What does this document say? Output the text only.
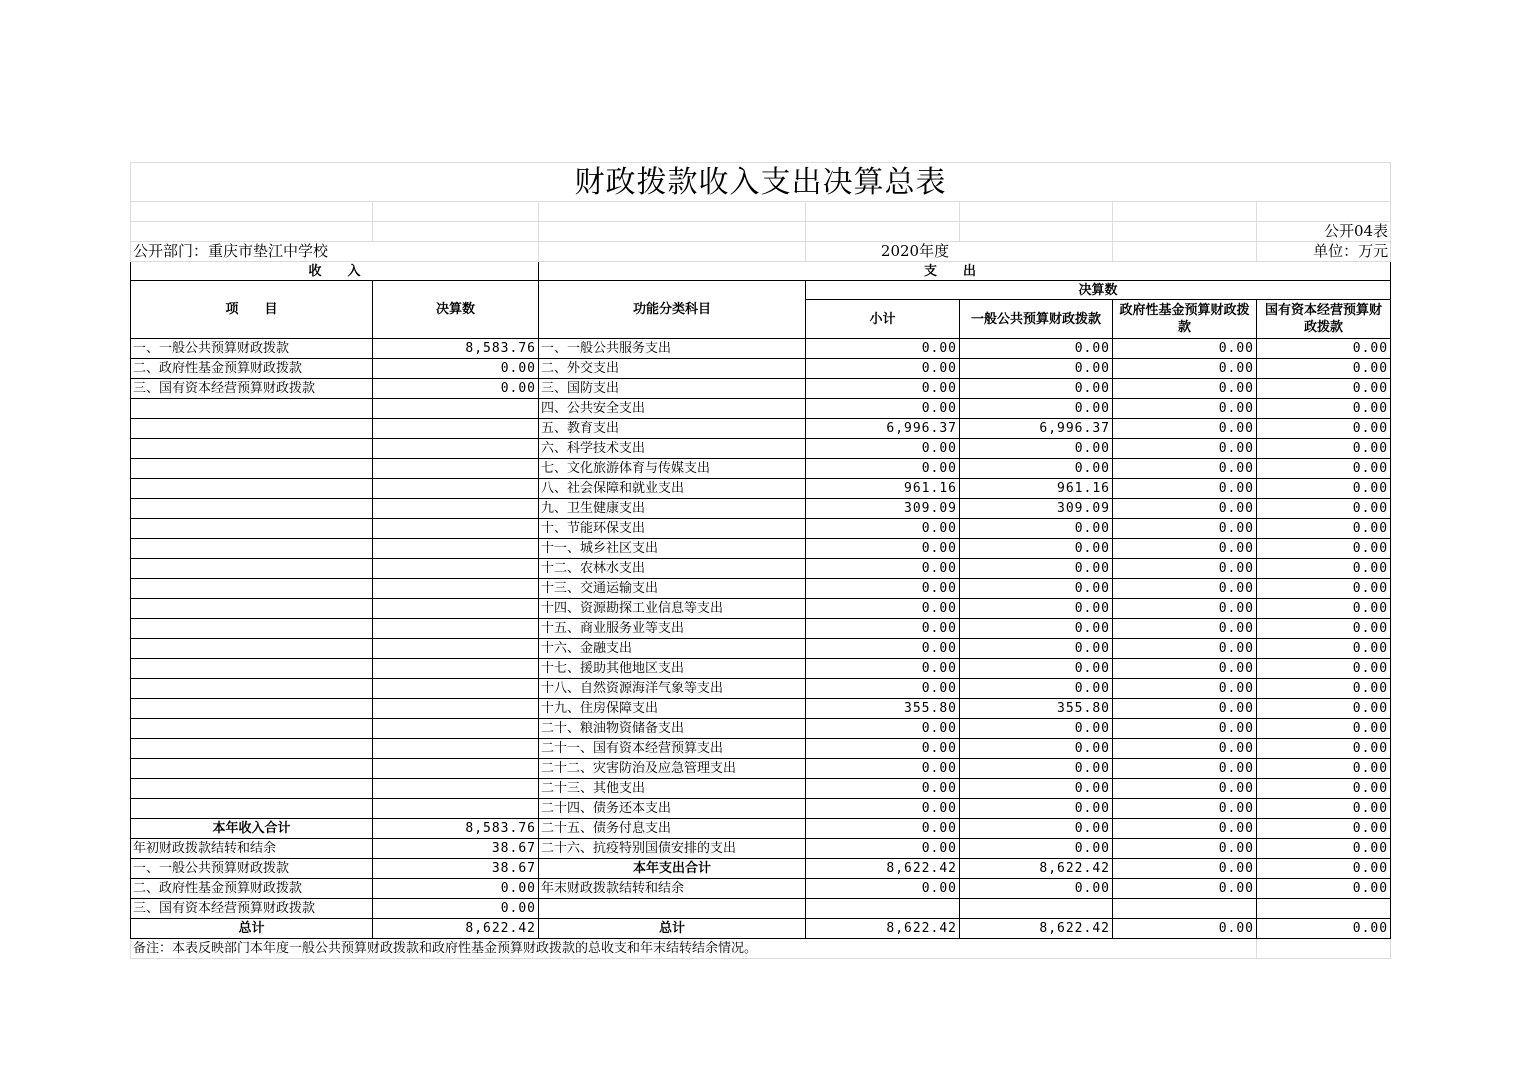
财政拨款收入支出决算总表						

						公开04表
公开部门：重庆市垫江中学校			2020年度			单位：万元
收　　入		支　　出				
项　　目	决算数	功能分类科目	决算数			
			小计	一般公共预算财政拨款	政府性基金预算财政拨款	国有资本经营预算财政拨款

一、一般公共预算财政拨款	8,583.76	一、一般公共服务支出	0.00	0.00	0.00	0.00
二、政府性基金预算财政拨款	0.00	二、外交支出	0.00	0.00	0.00	0.00
三、国有资本经营预算财政拨款	0.00	三、国防支出	0.00	0.00	0.00	0.00
		四、公共安全支出	0.00	0.00	0.00	0.00
		五、教育支出	6,996.37	6,996.37	0.00	0.00
		六、科学技术支出	0.00	0.00	0.00	0.00
		七、文化旅游体育与传媒支出	0.00	0.00	0.00	0.00
		八、社会保障和就业支出	961.16	961.16	0.00	0.00
		九、卫生健康支出	309.09	309.09	0.00	0.00
		十、节能环保支出	0.00	0.00	0.00	0.00
		十一、城乡社区支出	0.00	0.00	0.00	0.00
		十二、农林水支出	0.00	0.00	0.00	0.00
		十三、交通运输支出	0.00	0.00	0.00	0.00
		十四、资源勘探工业信息等支出	0.00	0.00	0.00	0.00
		十五、商业服务业等支出	0.00	0.00	0.00	0.00
		十六、金融支出	0.00	0.00	0.00	0.00
		十七、援助其他地区支出	0.00	0.00	0.00	0.00
		十八、自然资源海洋气象等支出	0.00	0.00	0.00	0.00
		十九、住房保障支出	355.80	355.80	0.00	0.00
		二十、粮油物资储备支出	0.00	0.00	0.00	0.00
		二十一、国有资本经营预算支出	0.00	0.00	0.00	0.00
		二十二、灾害防治及应急管理支出	0.00	0.00	0.00	0.00
		二十三、其他支出	0.00	0.00	0.00	0.00
		二十四、债务还本支出	0.00	0.00	0.00	0.00
本年收入合计	8,583.76	二十五、债务付息支出	0.00	0.00	0.00	0.00
年初财政拨款结转和结余	38.67	二十六、抗疫特别国债安排的支出	0.00	0.00	0.00	0.00
一、一般公共预算财政拨款	38.67	本年支出合计	8,622.42	8,622.42	0.00	0.00
二、政府性基金预算财政拨款	0.00	年末财政拨款结转和结余	0.00	0.00	0.00	0.00
三、国有资本经营预算财政拨款	0.00					
总计	8,622.42	总计	8,622.42	8,622.42	0.00	0.00
备注：本表反映部门本年度一般公共预算财政拨款和政府性基金预算财政拨款的总收支和年末结转结余情况。						
